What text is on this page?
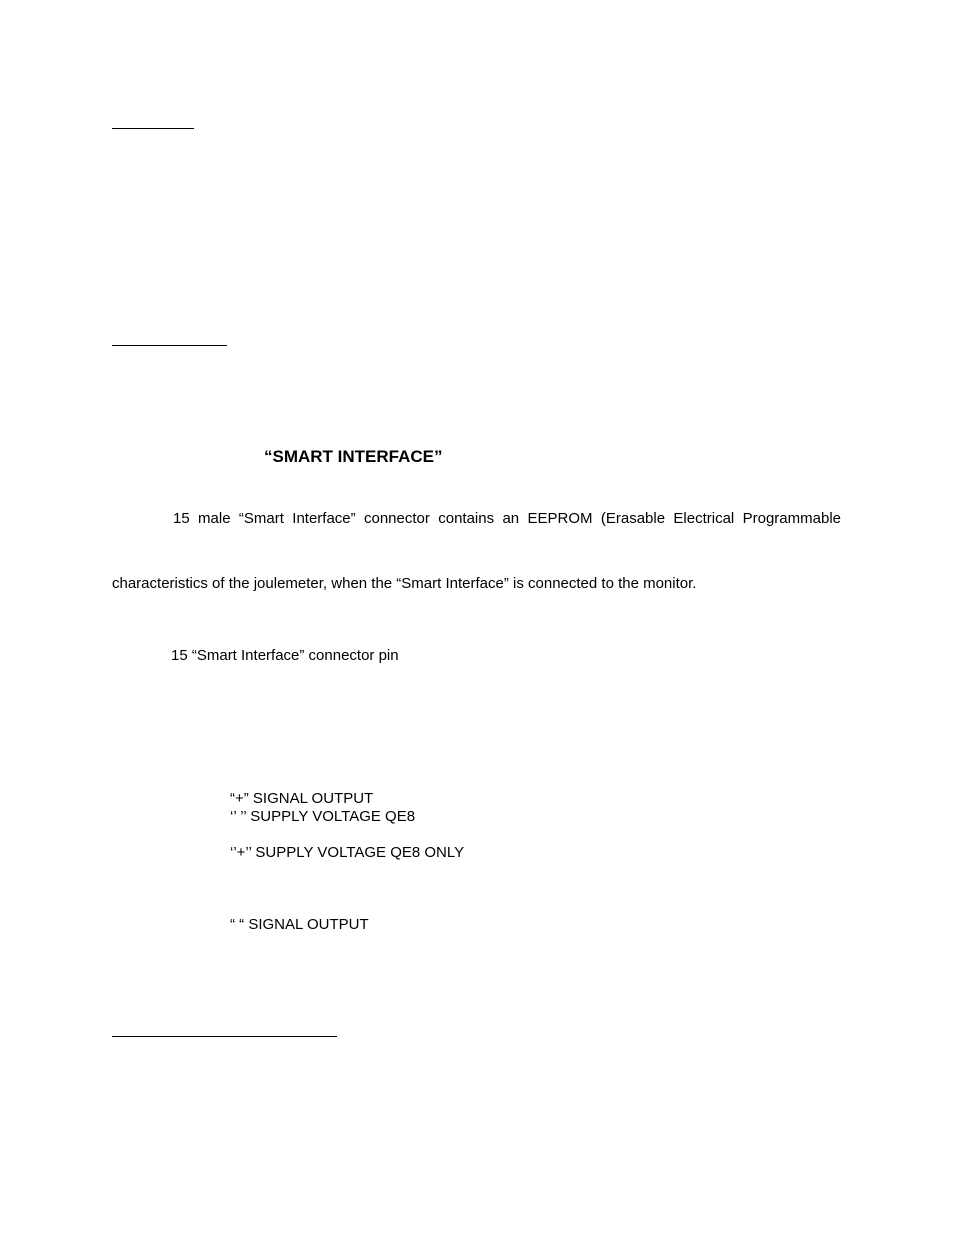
“SMART INTERFACE”
15 male “Smart Interface” connector contains an EEPROM (Erasable Electrical Programmable
characteristics of the joulemeter, when the “Smart Interface” is connected to the monitor.
15 “Smart Interface” connector pin
“+” SIGNAL OUTPUT
‘’ ’’ SUPPLY VOLTAGE QE8
‘’+’’ SUPPLY VOLTAGE QE8 ONLY
“ “ SIGNAL OUTPUT
